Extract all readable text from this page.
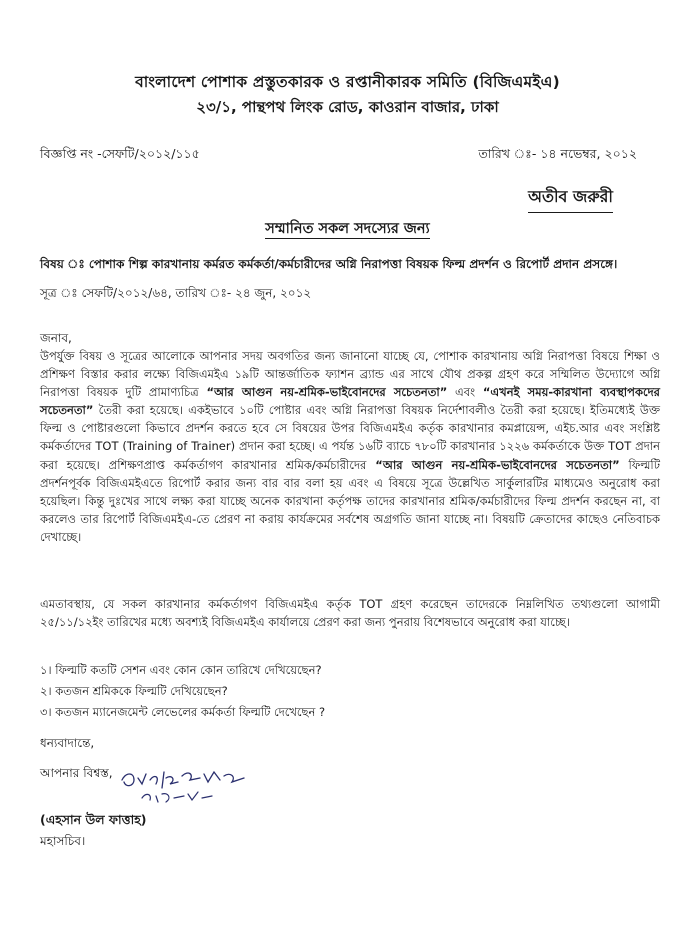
বাংলাদেশ পোশাক প্রস্তুতকারক ও রপ্তানীকারক সমিতি (বিজিএমইএ)
২৩/১, পান্থপথ লিংক রোড, কাওরান বাজার, ঢাকা
বিজ্ঞপ্তি নং -সেফটি/২০১২/১১৫	তারিখ ঃ- ১৪ নভেম্বর, ২০১২
অতীব জরুরী
সম্মানিত সকল সদস্যের জন্য
বিষয় ঃ পোশাক শিল্প কারখানায় কর্মরত কর্মকর্তা/কর্মচারীদের অগ্নি নিরাপত্তা বিষয়ক ফিল্ম প্রদর্শন ও রিপোর্ট প্রদান প্রসঙ্গে।
সূত্র ঃ সেফটি/২০১২/৬৪, তারিখ ঃ- ২৪ জুন, ২০১২
জনাব,
উপর্যুক্ত বিষয় ও সূত্রের আলোকে আপনার সদয় অবগতির জন্য জানানো যাচ্ছে যে, পোশাক কারখানায় অগ্নি নিরাপত্তা বিষয়ে শিক্ষা ও প্রশিক্ষণ বিস্তার করার লক্ষ্যে বিজিএমইএ ১৯টি আন্তর্জাতিক ফ্যাশন ব্র্যান্ড এর সাথে যৌথ প্রকল্প গ্রহণ করে সম্মিলিত উদ্যোগে অগ্নি নিরাপত্তা বিষয়ক দুটি প্রামাণ্যচিত্র “আর আগুন নয়-শ্রমিক-ভাইবোনদের সচেতনতা” এবং “এখনই সময়-কারখানা ব্যবস্থাপকদের সচেতনতা” তৈরী করা হয়েছে। একইভাবে ১০টি পোষ্টার এবং অগ্নি নিরাপত্তা বিষয়ক নির্দেশাবলীও তৈরী করা হয়েছে। ইতিমধ্যেই উক্ত ফিল্ম ও পোষ্টারগুলো কিভাবে প্রদর্শন করতে হবে সে বিষয়ের উপর বিজিএমইএ কর্তৃক কারখানার কমপ্লায়েন্স, এইচ.আর এবং সংশ্লিষ্ট কর্মকর্তাদের TOT (Training of Trainer) প্রদান করা হচ্ছে। এ পর্যন্ত ১৬টি ব্যাচে ৭৮০টি কারখানার ১২২৬ কর্মকর্তাকে উক্ত TOT প্রদান করা হয়েছে। প্রশিক্ষণপ্রাপ্ত কর্মকর্তাগণ কারখানার শ্রমিক/কর্মচারীদের “আর আগুন নয়-শ্রমিক-ভাইবোনদের সচেতনতা” ফিল্মটি প্রদর্শনপূর্বক বিজিএমইএতে রিপোর্ট করার জন্য বার বার বলা হয় এবং এ বিষয়ে সূত্রে উল্লেখিত সার্কুলারটির মাধ্যমেও অনুরোধ করা হয়েছিল। কিন্তু দুঃখের সাথে লক্ষ্য করা যাচ্ছে অনেক কারখানা কর্তৃপক্ষ তাদের কারখানার শ্রমিক/কর্মচারীদের ফিল্ম প্রদর্শন করছেন না, বা করলেও তার রিপোর্ট বিজিএমইএ-তে প্রেরণ না করায় কার্যক্রমের সর্বশেষ অগ্রগতি জানা যাচ্ছে না। বিষয়টি ক্রেতাদের কাছেও নেতিবাচক দেখাচ্ছে।
এমতাবস্থায়, যে সকল কারখানার কর্মকর্তাগণ বিজিএমইএ কর্তৃক TOT গ্রহণ করেছেন তাদেরকে নিম্নলিখিত তথ্যগুলো আগামী ২৫/১১/১২ইং তারিখের মধ্যে অবশ্যই বিজিএমইএ কার্যালয়ে প্রেরণ করা জন্য পুনরায় বিশেষভাবে অনুরোধ করা যাচ্ছে।
১। ফিল্মটি কতটি সেশন এবং কোন কোন তারিখে দেখিয়েছেন?
২। কতজন শ্রমিককে ফিল্মটি দেখিয়েছেন?
৩। কতজন ম্যানেজমেন্ট লেভেলের কর্মকর্তা ফিল্মটি দেখেছেন ?
ধন্যবাদান্তে,
আপনার বিশ্বস্ত,
(এহসান উল ফাত্তাহ)
মহাসচিব।
